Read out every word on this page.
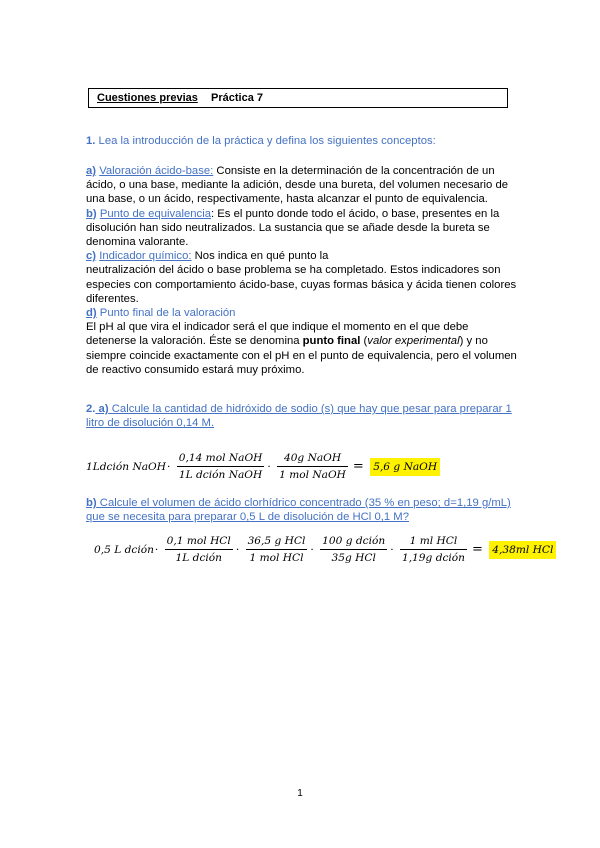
Cuestiones previas Práctica 7
1. Lea la introducción de la práctica y defina los siguientes conceptos:

a) Valoración ácido-base: Consiste en la determinación de la concentración de un ácido, o una base, mediante la adición, desde una bureta, del volumen necesario de una base, o un ácido, respectivamente, hasta alcanzar el punto de equivalencia.

b) Punto de equivalencia: Es el punto donde todo el ácido, o base, presentes en la disolución han sido neutralizados. La sustancia que se añade desde la bureta se denomina valorante.

c) Indicador químico: Nos indica en qué punto la

neutralización del ácido o base problema se ha completado. Estos indicadores son especies con comportamiento ácido-base, cuyas formas básica y ácida tienen colores diferentes.

d) Punto final de la valoración

El pH al que vira el indicador será el que indique el momento en el que debe detenerse la valoración. Éste se denomina punto final (valor experimental) y no siempre coincide exactamente con el pH en el punto de equivalencia, pero el volumen de reactivo consumido estará muy próximo.

2. a) Calcule la cantidad de hidróxido de sodio (s) que hay que pesar para preparar 1 litro de disolución 0,14 M.
1Ldción NaOH· $\frac{\text{0,14 mol NaOH}}{\text{1L dción NaOH}} \cdot \frac{\text{40g NaOH}}{\text{1 mol NaOH}} = 5,6$ g NaOH
b) Calcule el volumen de ácido clorhídrico concentrado (35 % en peso; d=1,19 g/mL) que se necesita para preparar 0,5 L de disolución de HCl 0,1 M?
0,5 L dción· $\frac{\text{0,1 mol HCl}}{\text{1L dción}} \cdot \frac{\text{36,5 g HCl}}{\text{1 mol HCl}} \cdot \frac{\text{100 g dción}}{\text{35g HCl}} \cdot \frac{\text{1 ml HCl}}{\text{1,19g dción}} = 4,38ml$ HCl
1
